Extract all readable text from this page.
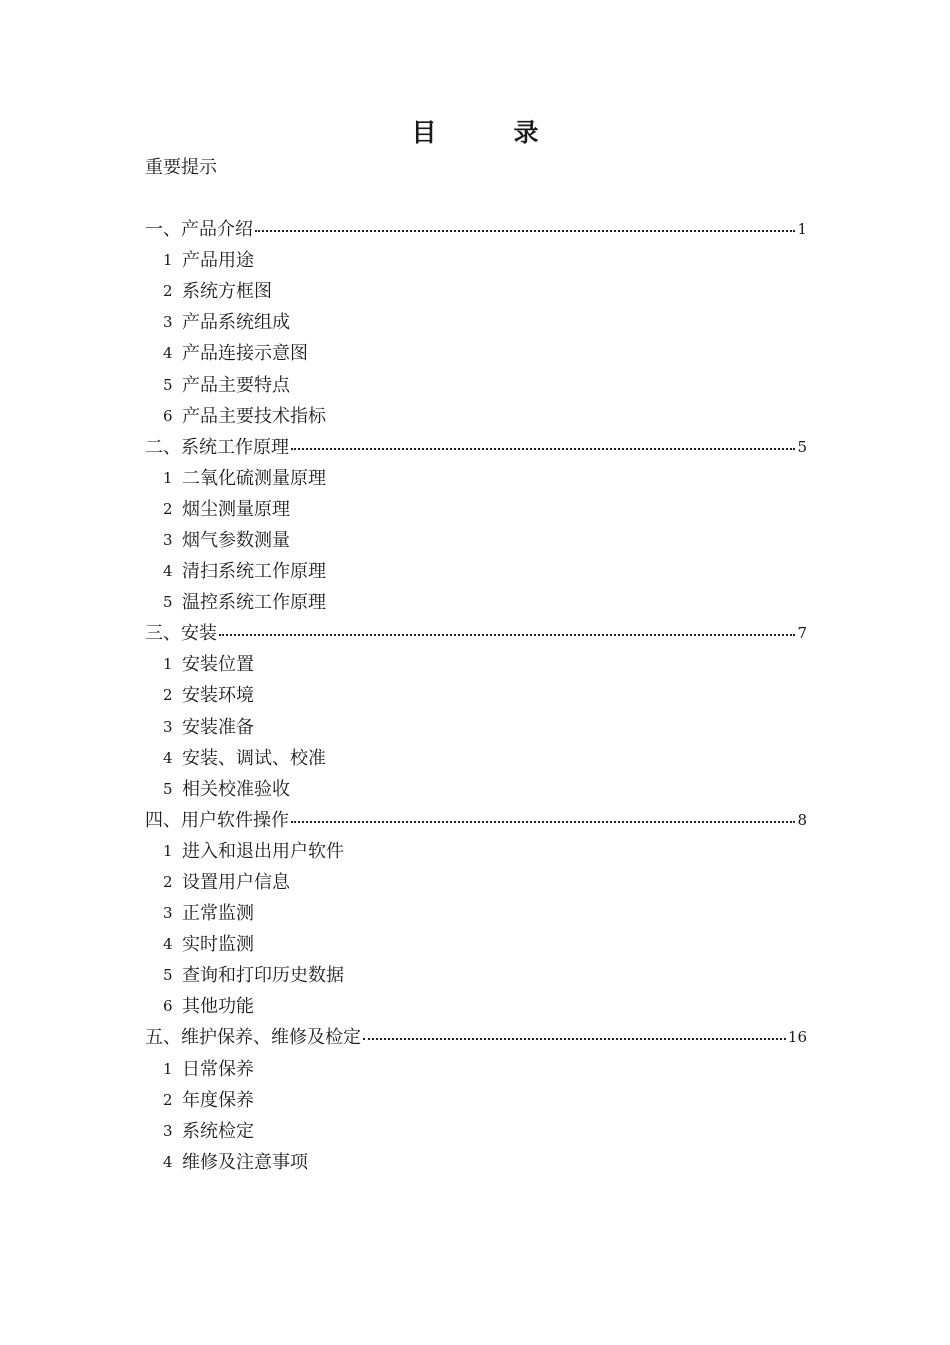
目　录
重要提示
一、产品介绍	1
1 产品用途
2 系统方框图
3 产品系统组成
4 产品连接示意图
5 产品主要特点
6 产品主要技术指标
二、系统工作原理	5
1 二氧化硫测量原理
2 烟尘测量原理
3 烟气参数测量
4 清扫系统工作原理
5 温控系统工作原理
三、安装	7
1 安装位置
2 安装环境
3 安装准备
4 安装、调试、校准
5 相关校准验收
四、用户软件操作	8
1 进入和退出用户软件
2 设置用户信息
3 正常监测
4 实时监测
5 查询和打印历史数据
6 其他功能
五、维护保养、维修及检定	16
1 日常保养
2 年度保养
3 系统检定
4 维修及注意事项
